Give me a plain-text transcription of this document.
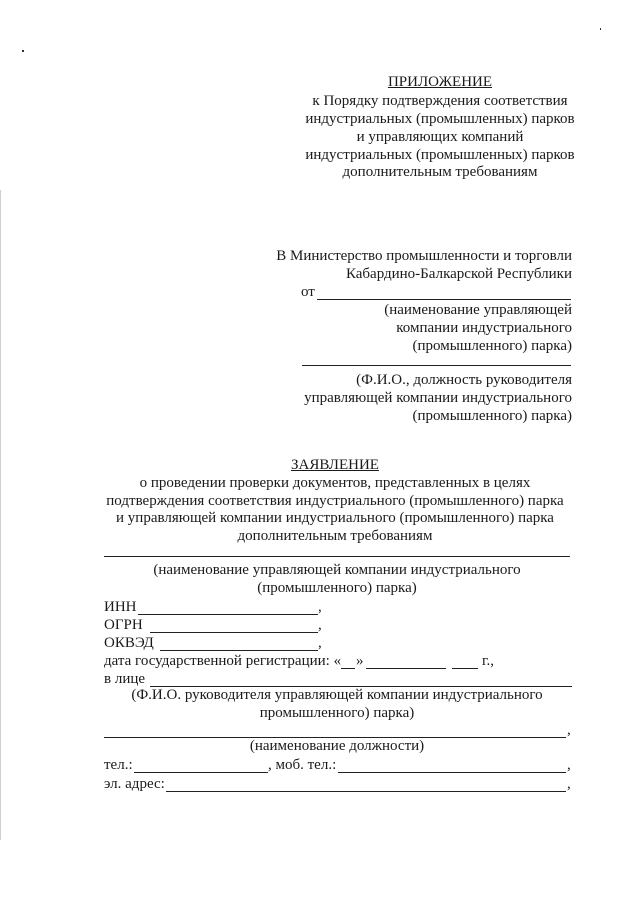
ПРИЛОЖЕНИЕ
к Порядку подтверждения соответствия
индустриальных (промышленных) парков
и управляющих компаний
индустриальных (промышленных) парков
дополнительным требованиям
В Министерство промышленности и торговли
Кабардино-Балкарской Республики
от
(наименование управляющей
компании индустриального
(промышленного) парка)
(Ф.И.О., должность руководителя
управляющей компании индустриального
(промышленного) парка)
ЗАЯВЛЕНИЕ
о проведении проверки документов, представленных в целях
подтверждения соответствия индустриального (промышленного) парка
и управляющей компании индустриального (промышленного) парка
дополнительным требованиям
(наименование управляющей компании индустриального
(промышленного) парка)
ИНН	,
ОГРН	,
ОКВЭД	,
дата государственной регистрации: « »	г.,
в лице
(Ф.И.О. руководителя управляющей компании индустриального
промышленного) парка)
,
(наименование должности)
тел.:	, моб. тел.:	,
эл. адрес:	,
